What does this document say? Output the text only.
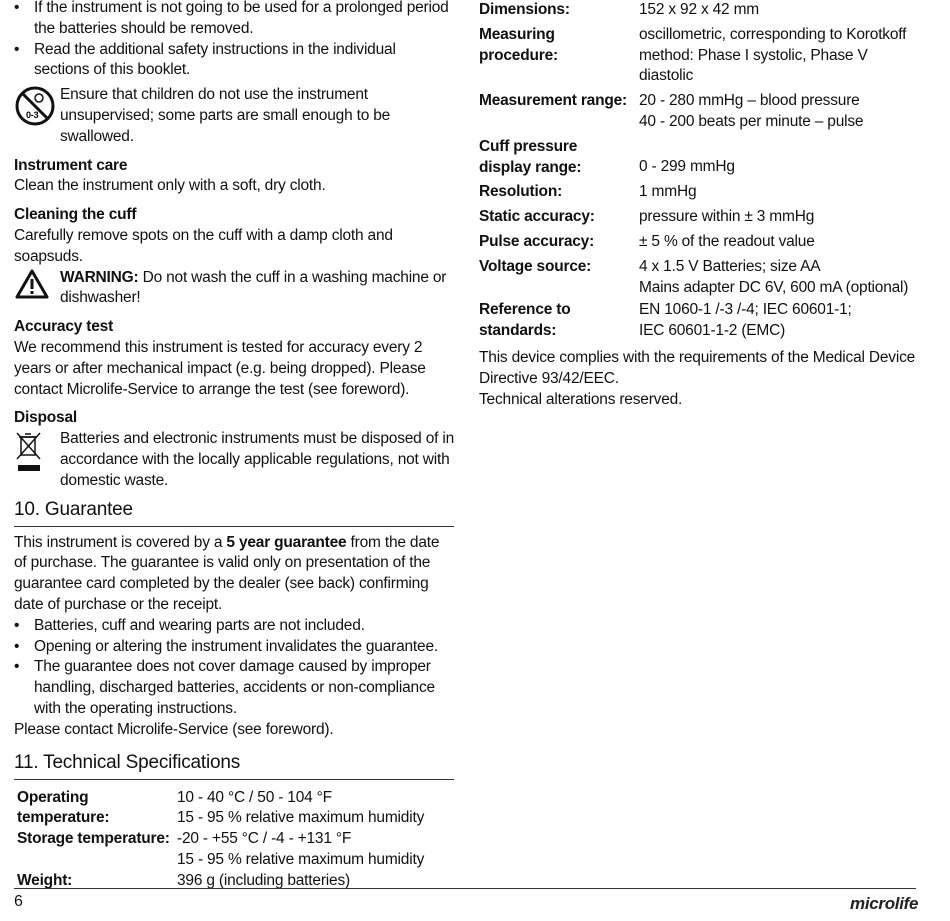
• If the instrument is not going to be used for a prolonged period the batteries should be removed.
• Read the additional safety instructions in the individual sections of this booklet.
0-3
Ensure that children do not use the instrument unsupervised; some parts are small enough to be swallowed.
Instrument care

Clean the instrument only with a soft, dry cloth.

Cleaning the cuff

Carefully remove spots on the cuff with a damp cloth and soapsuds.

WARNING: Do not wash the cuff in a washing machine or dishwasher!
Accuracy test

We recommend this instrument is tested for accuracy every 2 years or after mechanical impact (e.g. being dropped). Please contact Microlife-Service to arrange the test (see foreword).

Disposal
Batteries and electronic instruments must be disposed of in accordance with the locally applicable regulations, not with domestic waste.
10. Guarantee

This instrument is covered by a 5 year guarantee from the date of purchase. The guarantee is valid only on presentation of the guarantee card completed by the dealer (see back) confirming date of purchase or the receipt.

• Batteries, cuff and wearing parts are not included.
• Opening or altering the instrument invalidates the guarantee.
• The guarantee does not cover damage caused by improper handling, discharged batteries, accidents or non-compliance with the operating instructions.

Please contact Microlife-Service (see foreword).

11. Technical Specifications
Operating temperature:	10 - 40 °C / 50 - 104 °F
15 - 95 % relative maximum humidity
Storage temperature:	-20 - +55 °C / -4 - +131 °F
15 - 95 % relative maximum humidity
Weight:	396 g (including batteries)
Dimensions:	152 x 92 x 42 mm
Measuring procedure:	oscillometric, corresponding to Korotkoff method: Phase I systolic, Phase V diastolic
Measurement range:	20 - 280 mmHg – blood pressure
40 - 200 beats per minute – pulse
Cuff pressure display range:	0 - 299 mmHg
Resolution:	1 mmHg
Static accuracy:	pressure within ± 3 mmHg
Pulse accuracy:	± 5 % of the readout value
Voltage source:	4 x 1.5 V Batteries; size AA
Mains adapter DC 6V, 600 mA (optional)
Reference to standards:	EN 1060-1 /-3 /-4; IEC 60601-1;
IEC 60601-1-2 (EMC)

This device complies with the requirements of the Medical Device Directive 93/42/EEC.

Technical alterations reserved.

6	microlife
